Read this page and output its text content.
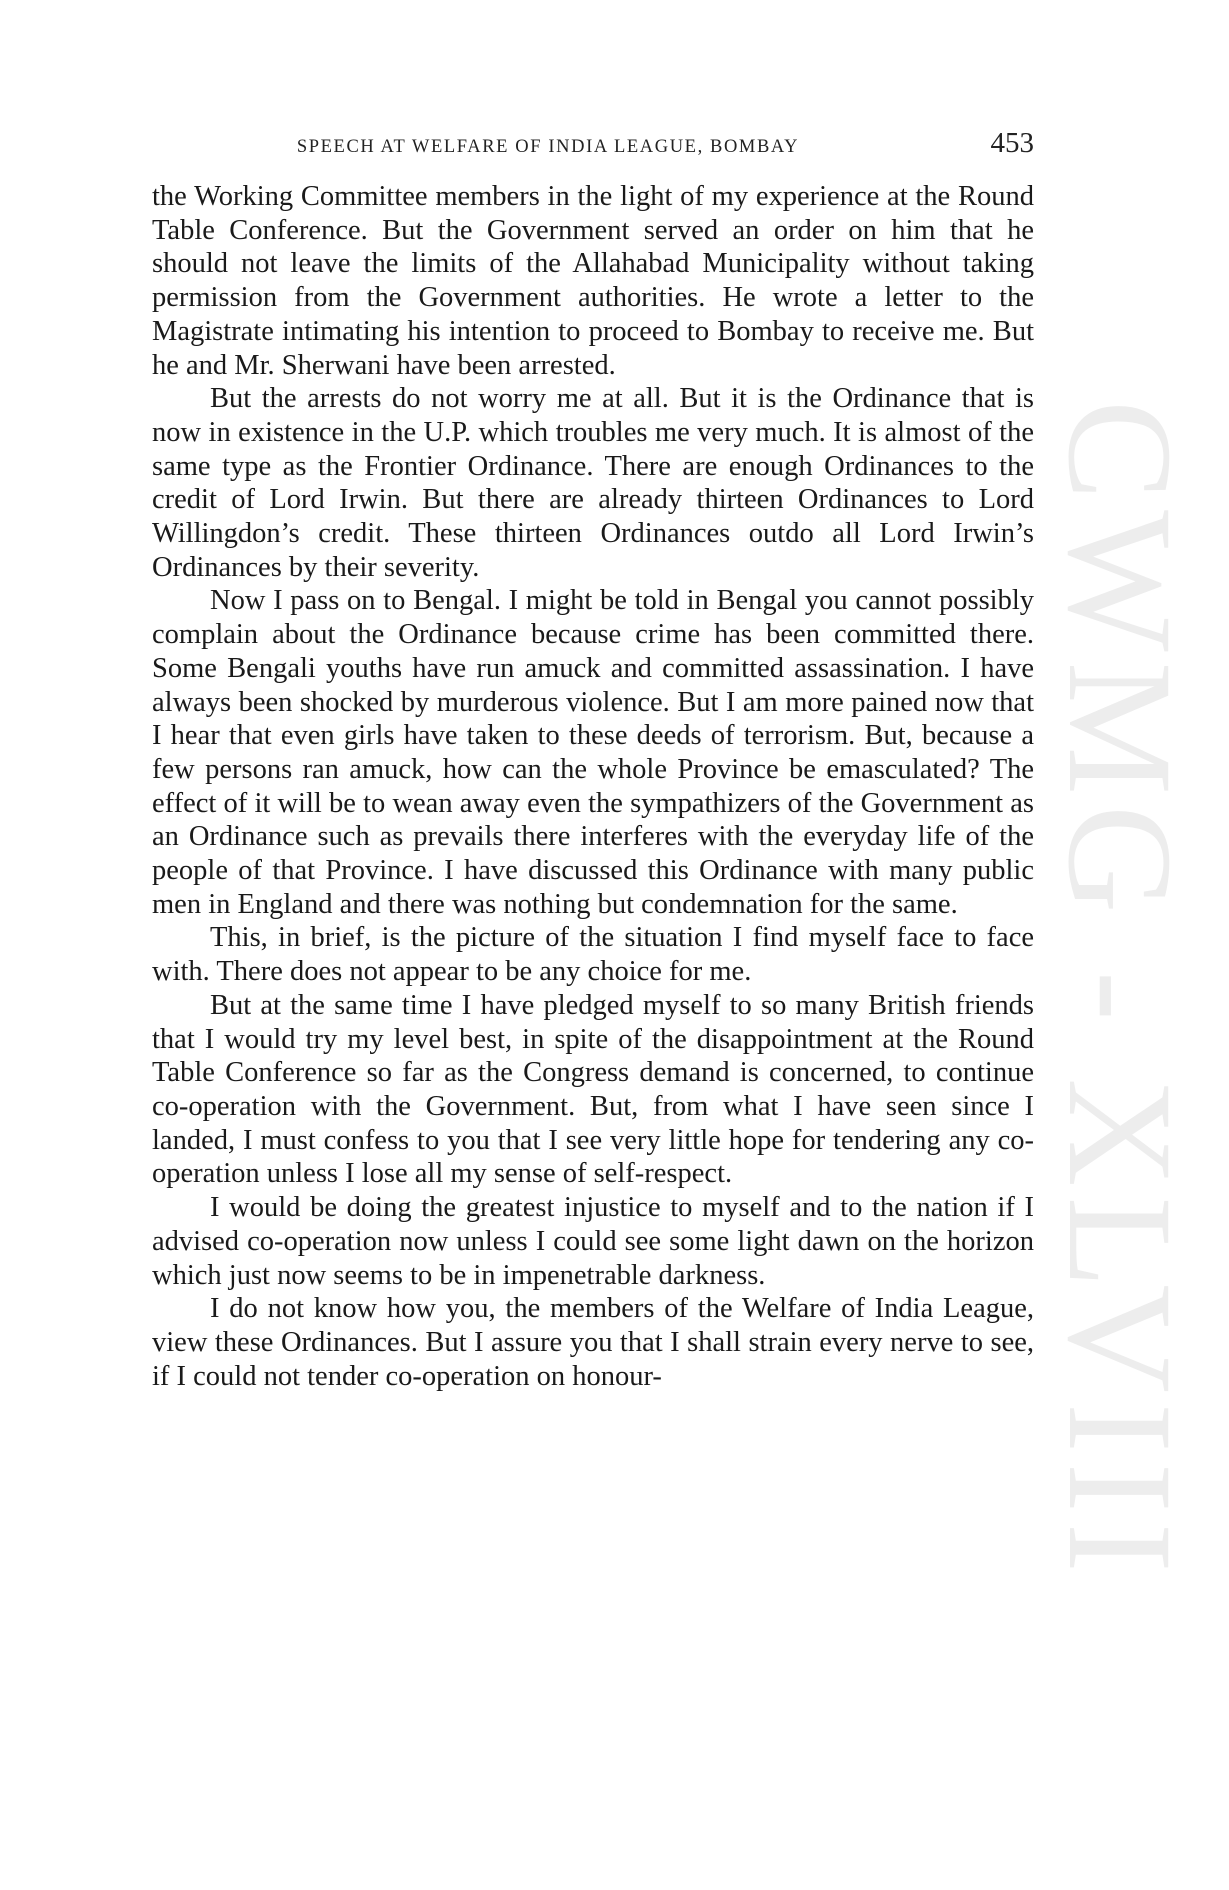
CWMG - XLVIII
SPEECH AT WELFARE OF INDIA LEAGUE, BOMBAY	453

the Working Committee members in the light of my experience at the Round Table Conference. But the Government served an order on him that he should not leave the limits of the Allahabad Municipality without taking permission from the Government authorities. He wrote a letter to the Magistrate intimating his intention to proceed to Bombay to receive me. But he and Mr. Sherwani have been arrested.

But the arrests do not worry me at all. But it is the Ordinance that is now in existence in the U.P. which troubles me very much. It is almost of the same type as the Frontier Ordinance. There are enough Ordinances to the credit of Lord Irwin. But there are already thirteen Ordinances to Lord Willingdon’s credit. These thirteen Ordinances outdo all Lord Irwin’s Ordinances by their severity.

Now I pass on to Bengal. I might be told in Bengal you cannot possibly complain about the Ordinance because crime has been committed there. Some Bengali youths have run amuck and committed assassination. I have always been shocked by murderous violence. But I am more pained now that I hear that even girls have taken to these deeds of terrorism. But, because a few persons ran amuck, how can the whole Province be emasculated? The effect of it will be to wean away even the sympathizers of the Government as an Ordinance such as prevails there interferes with the everyday life of the people of that Province. I have discussed this Ordinance with many public men in England and there was nothing but condemnation for the same.

This, in brief, is the picture of the situation I find myself face to face with. There does not appear to be any choice for me.

But at the same time I have pledged myself to so many British friends that I would try my level best, in spite of the disappointment at the Round Table Conference so far as the Congress demand is concerned, to continue co-operation with the Government. But, from what I have seen since I landed, I must confess to you that I see very little hope for tendering any co-operation unless I lose all my sense of self-respect.

I would be doing the greatest injustice to myself and to the nation if I advised co-operation now unless I could see some light dawn on the horizon which just now seems to be in impenetrable darkness.

I do not know how you, the members of the Welfare of India League, view these Ordinances. But I assure you that I shall strain every nerve to see, if I could not tender co-operation on honour-
